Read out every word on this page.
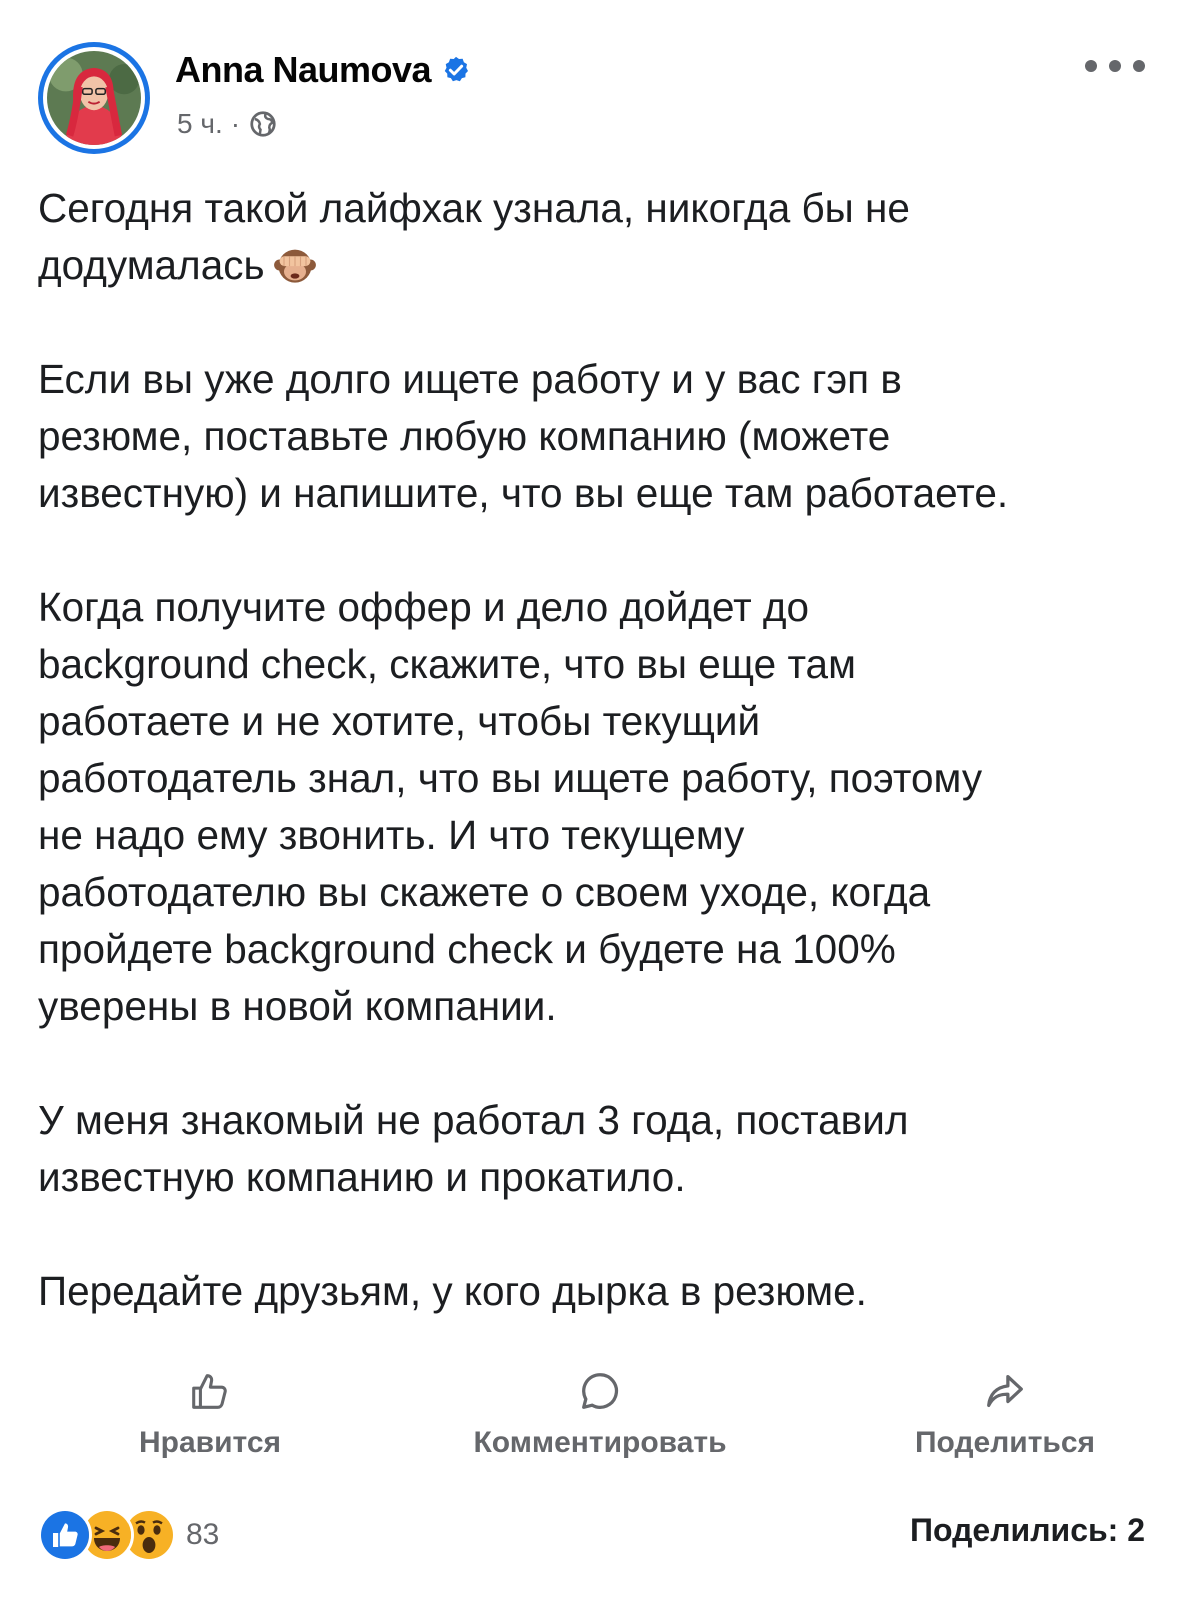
Anna Naumova
5 ч. ·

Сегодня такой лайфхак узнала, никогда бы не
додумалась

Если вы уже долго ищете работу и у вас гэп в
резюме, поставьте любую компанию (можете
известную) и напишите, что вы еще там работаете.

Когда получите оффер и дело дойдет до
background check, скажите, что вы еще там
работаете и не хотите, чтобы текущий
работодатель знал, что вы ищете работу, поэтому
не надо ему звонить. И что текущему
работодателю вы скажете о своем уходе, когда
пройдете background check и будете на 100%
уверены в новой компании.

У меня знакомый не работал 3 года, поставил
известную компанию и прокатило.

Передайте друзьям, у кого дырка в резюме.

Нравится	Комментировать	Поделиться
83	Поделились: 2
